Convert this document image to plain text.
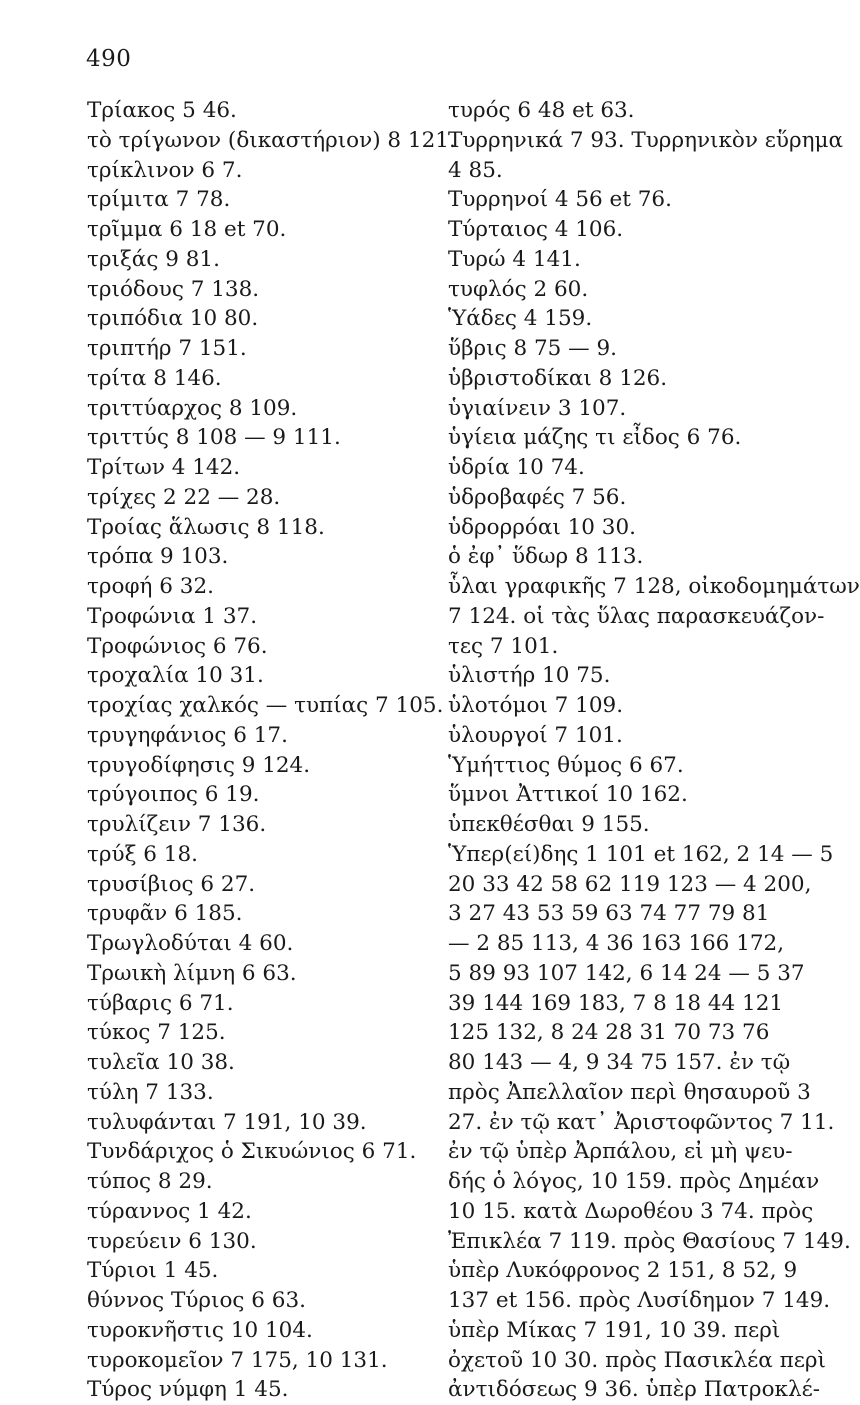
490
Τρίακος 5 46.
τὸ τρίγωνον (δικαστήριον) 8 121.
τρίκλινον 6 7.
τρίμιτα 7 78.
τρῖμμα 6 18 et 70.
τριξάς 9 81.
τριόδους 7 138.
τριπόδια 10 80.
τριπτήρ 7 151.
τρίτα 8 146.
τριττύαρχος 8 109.
τριττύς 8 108 — 9 111.
Τρίτων 4 142.
τρίχες 2 22 — 28.
Τροίας ἅλωσις 8 118.
τρόπα 9 103.
τροφή 6 32.
Τροφώνια 1 37.
Τροφώνιος 6 76.
τροχαλία 10 31.
τροχίας χαλκός — τυπίας 7 105.
τρυγηφάνιος 6 17.
τρυγοδίφησις 9 124.
τρύγοιπος 6 19.
τρυλίζειν 7 136.
τρύξ 6 18.
τρυσίβιος 6 27.
τρυφᾶν 6 185.
Τρωγλοδύται 4 60.
Τρωικὴ λίμνη 6 63.
τύβαρις 6 71.
τύκος 7 125.
τυλεῖα 10 38.
τύλη 7 133.
τυλυφάνται 7 191, 10 39.
Τυνδάριχος ὁ Σικυώνιος 6 71.
τύπος 8 29.
τύραννος 1 42.
τυρεύειν 6 130.
Τύριοι 1 45.
θύννος Τύριος 6 63.
τυροκνῆστις 10 104.
τυροκομεῖον 7 175, 10 131.
Τύρος νύμφη 1 45.
τυρός 6 48 et 63.
Τυρρηνικά 7 93. Τυρρηνικὸν εὕρημα
4 85.
Τυρρηνοί 4 56 et 76.
Τύρταιος 4 106.
Τυρώ 4 141.
τυφλός 2 60.
Ὑάδες 4 159.
ὕβρις 8 75 — 9.
ὑβριστοδίκαι 8 126.
ὑγιαίνειν 3 107.
ὑγίεια μάζης τι εἶδος 6 76.
ὑδρία 10 74.
ὑδροβαφές 7 56.
ὑδρορρόαι 10 30.
ὁ ἐφ᾽ ὕδωρ 8 113.
ὗλαι γραφικῆς 7 128, οἰκοδομημάτων
7 124. οἱ τὰς ὕλας παρασκευάζον-
τες 7 101.
ὑλιστήρ 10 75.
ὑλοτόμοι 7 109.
ὑλουργοί 7 101.
Ὑμήττιος θύμος 6 67.
ὕμνοι Ἀττικοί 10 162.
ὑπεκθέσθαι 9 155.
Ὑπερ(εί)δης 1 101 et 162, 2 14 — 5
20 33 42 58 62 119 123 — 4 200,
3 27 43 53 59 63 74 77 79 81
— 2 85 113, 4 36 163 166 172,
5 89 93 107 142, 6 14 24 — 5 37
39 144 169 183, 7 8 18 44 121
125 132, 8 24 28 31 70 73 76
80 143 — 4, 9 34 75 157. ἐν τῷ
πρὸς Ἀπελλαῖον περὶ θησαυροῦ 3
27. ἐν τῷ κατ᾽ Ἀριστοφῶντος 7 11.
ἐν τῷ ὑπὲρ Ἀρπάλου, εἰ μὴ ψευ-
δής ὁ λόγος, 10 159. πρὸς Δημέαν
10 15. κατὰ Δωροθέου 3 74. πρὸς
Ἐπικλέα 7 119. πρὸς Θασίους 7 149.
ὑπὲρ Λυκόφρονος 2 151, 8 52, 9
137 et 156. πρὸς Λυσίδημον 7 149.
ὑπὲρ Μίκας 7 191, 10 39. περὶ
ὀχετοῦ 10 30. πρὸς Πασικλέα περὶ
ἀντιδόσεως 9 36. ὑπὲρ Πατροκλέ-
